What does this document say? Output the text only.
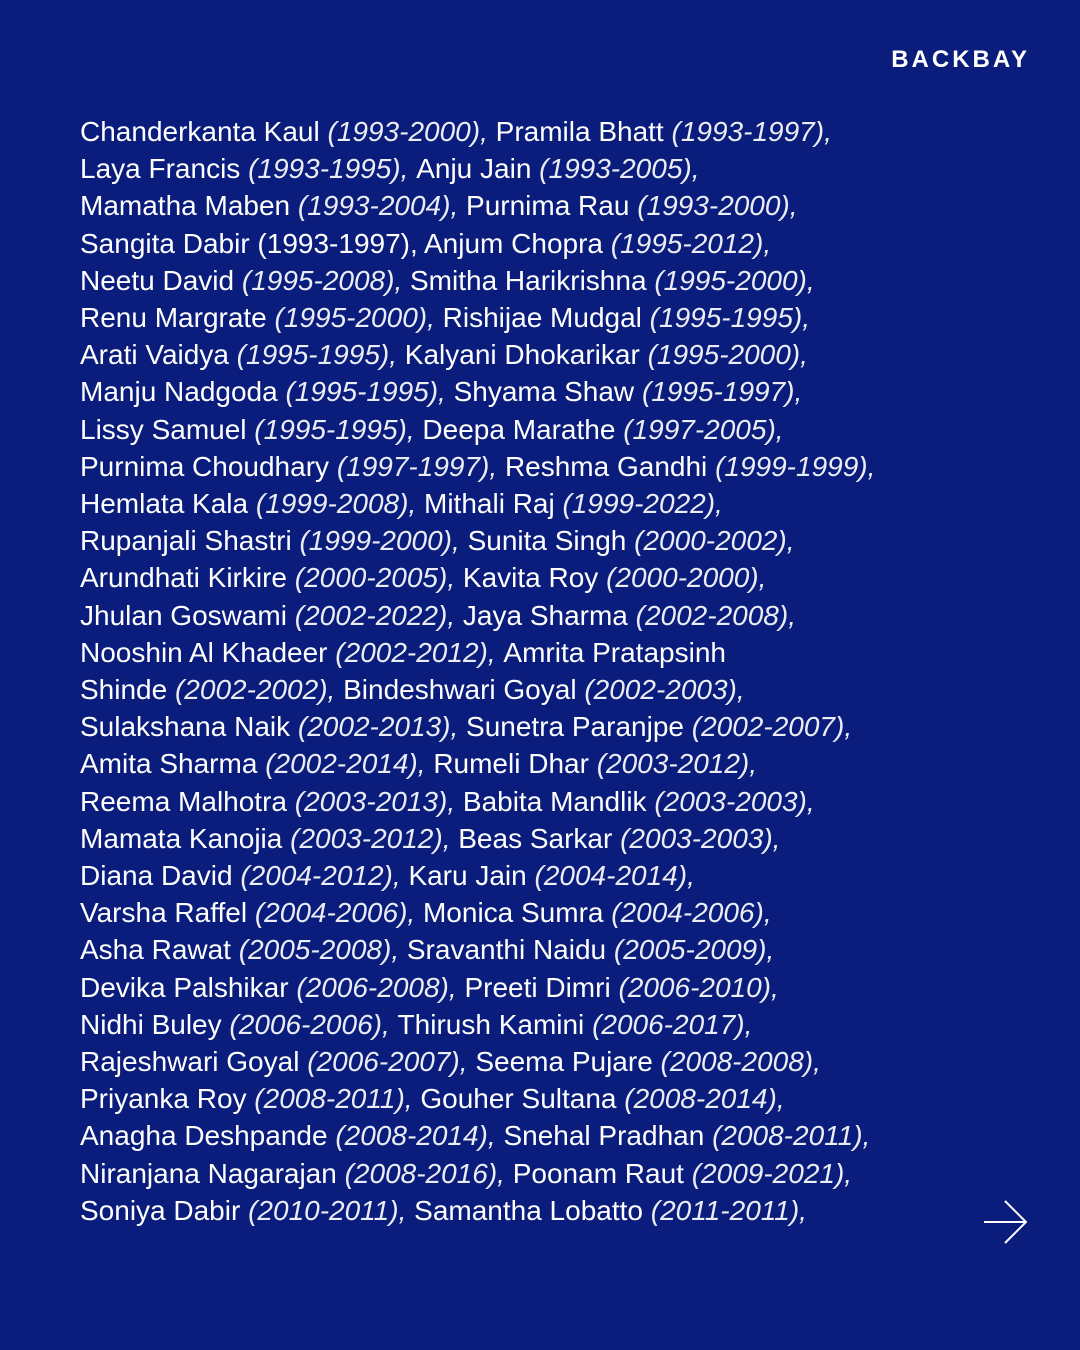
BACKBAY
Chanderkanta Kaul (1993-2000), Pramila Bhatt (1993-1997),
Laya Francis (1993-1995), Anju Jain (1993-2005),
Mamatha Maben (1993-2004), Purnima Rau (1993-2000),
Sangita Dabir (1993-1997), Anjum Chopra (1995-2012),
Neetu David (1995-2008), Smitha Harikrishna (1995-2000),
Renu Margrate (1995-2000), Rishijae Mudgal (1995-1995),
Arati Vaidya (1995-1995), Kalyani Dhokarikar (1995-2000),
Manju Nadgoda (1995-1995), Shyama Shaw (1995-1997),
Lissy Samuel (1995-1995), Deepa Marathe (1997-2005),
Purnima Choudhary (1997-1997), Reshma Gandhi (1999-1999),
Hemlata Kala (1999-2008), Mithali Raj (1999-2022),
Rupanjali Shastri (1999-2000), Sunita Singh (2000-2002),
Arundhati Kirkire (2000-2005), Kavita Roy (2000-2000),
Jhulan Goswami (2002-2022), Jaya Sharma (2002-2008),
Nooshin Al Khadeer (2002-2012), Amrita Pratapsinh
Shinde (2002-2002), Bindeshwari Goyal (2002-2003),
Sulakshana Naik (2002-2013), Sunetra Paranjpe (2002-2007),
Amita Sharma (2002-2014), Rumeli Dhar (2003-2012),
Reema Malhotra (2003-2013), Babita Mandlik (2003-2003),
Mamata Kanojia (2003-2012), Beas Sarkar (2003-2003),
Diana David (2004-2012), Karu Jain (2004-2014),
Varsha Raffel (2004-2006), Monica Sumra (2004-2006),
Asha Rawat (2005-2008), Sravanthi Naidu (2005-2009),
Devika Palshikar (2006-2008), Preeti Dimri (2006-2010),
Nidhi Buley (2006-2006), Thirush Kamini (2006-2017),
Rajeshwari Goyal (2006-2007), Seema Pujare (2008-2008),
Priyanka Roy (2008-2011), Gouher Sultana (2008-2014),
Anagha Deshpande (2008-2014), Snehal Pradhan (2008-2011),
Niranjana Nagarajan (2008-2016), Poonam Raut (2009-2021),
Soniya Dabir (2010-2011), Samantha Lobatto (2011-2011),
